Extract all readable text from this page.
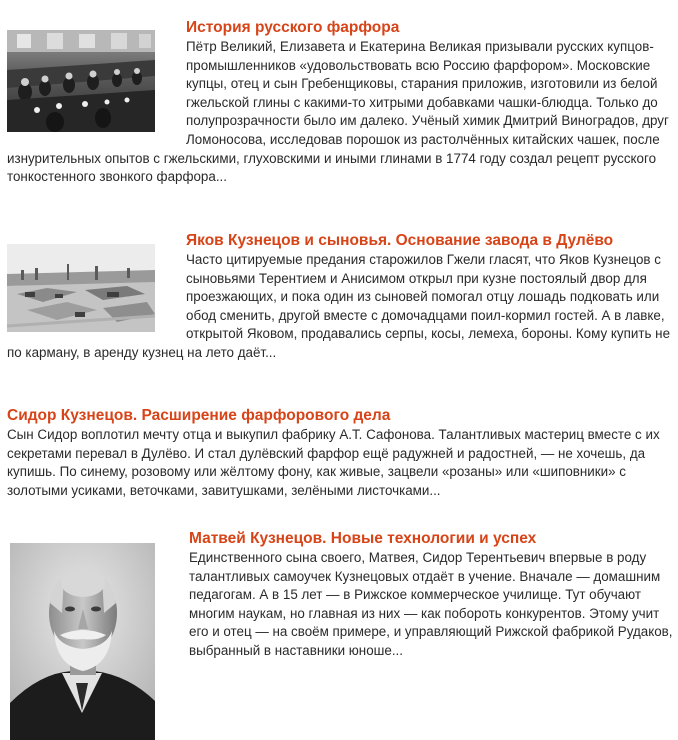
История русского фарфора

Пётр Великий, Елизавета и Екатерина Великая призывали русских купцов-промышленников «удовольствовать всю Россию фарфором». Московские купцы, отец и сын Гребенщиковы, старания приложив, изготовили из белой гжельской глины с какими-то хитрыми добавками чашки-блюдца. Только до полупрозрачности было им далеко. Учёный химик Дмитрий Виноградов, друг Ломоносова, исследовав порошок из растолчённых китайских чашек, после изнурительных опытов с гжельскими, глуховскими и иными глинами в 1774 году создал рецепт русского тонкостенного звонкого фарфора...

Яков Кузнецов и сыновья. Основание завода в Дулёво

Часто цитируемые предания старожилов Гжели гласят, что Яков Кузнецов с сыновьями Терентием и Анисимом открыл при кузне постоялый двор для проезжающих, и пока один из сыновей помогал отцу лошадь подковать или обод сменить, другой вместе с домочадцами поил-кормил гостей. А в лавке, открытой Яковом, продавались серпы, косы, лемеха, бороны. Кому купить не по карману, в аренду кузнец на лето даёт...

Сидор Кузнецов. Расширение фарфорового дела

Сын Сидор воплотил мечту отца и выкупил фабрику А.Т. Сафонова. Талантливых мастериц вместе с их секретами перевал в Дулёво. И стал дулёвский фарфор ещё радужней и радостней, — не хочешь, да купишь. По синему, розовому или жёлтому фону, как живые, зацвели «розаны» или «шиповники» с золотыми усиками, веточками, завитушками, зелёными листочками...

Матвей Кузнецов. Новые технологии и успех

Единственного сына своего, Матвея, Сидор Терентьевич впервые в роду талантливых самоучек Кузнецовых отдаёт в учение. Вначале — домашним педагогам. А в 15 лет — в Рижское коммерческое училище. Тут обучают многим наукам, но главная из них — как побороть конкурентов. Этому учит его и отец — на своём примере, и управляющий Рижской фабрикой Рудаков, выбранный в наставники юноше...
